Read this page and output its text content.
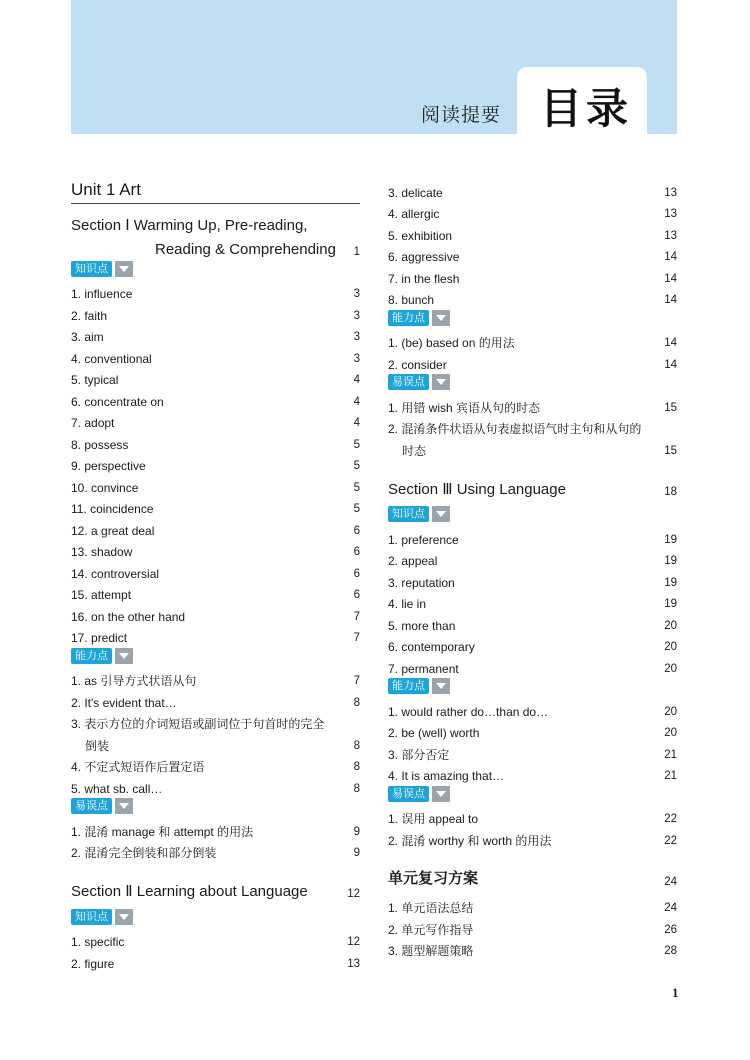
阅读提要 目录
Unit 1 Art
Section Ⅰ Warming Up, Pre-reading,
Reading & Comprehending 1
知识点
1. influence	3
2. faith	3
3. aim	3
4. conventional	3
5. typical	4
6. concentrate on	4
7. adopt	4
8. possess	5
9. perspective	5
10. convince	5
11. coincidence	5
12. a great deal	6
13. shadow	6
14. controversial	6
15. attempt	6
16. on the other hand	7
17. predict	7
能力点
1. as 引导方式状语从句	7
2. It's evident that…	8
3. 表示方位的介词短语或副词位于句首时的完全
倒装	8
4. 不定式短语作后置定语	8
5. what sb. call…	8
易误点
1. 混淆 manage 和 attempt 的用法	9
2. 混淆完全倒装和部分倒装	9
Section Ⅱ Learning about Language	12
知识点
1. specific	12
2. figure	13
3. delicate	13
4. allergic	13
5. exhibition	13
6. aggressive	14
7. in the flesh	14
8. bunch	14
能力点
1. (be) based on 的用法	14
2. consider	14
易误点
1. 用错 wish 宾语从句的时态	15
2. 混淆条件状语从句表虚拟语气时主句和从句的
时态	15
Section Ⅲ Using Language	18
知识点
1. preference	19
2. appeal	19
3. reputation	19
4. lie in	19
5. more than	20
6. contemporary	20
7. permanent	20
能力点
1. would rather do…than do…	20
2. be (well) worth	20
3. 部分否定	21
4. It is amazing that…	21
易误点
1. 误用 appeal to	22
2. 混淆 worthy 和 worth 的用法	22
单元复习方案	24
1. 单元语法总结	24
2. 单元写作指导	26
3. 题型解题策略	28
1
